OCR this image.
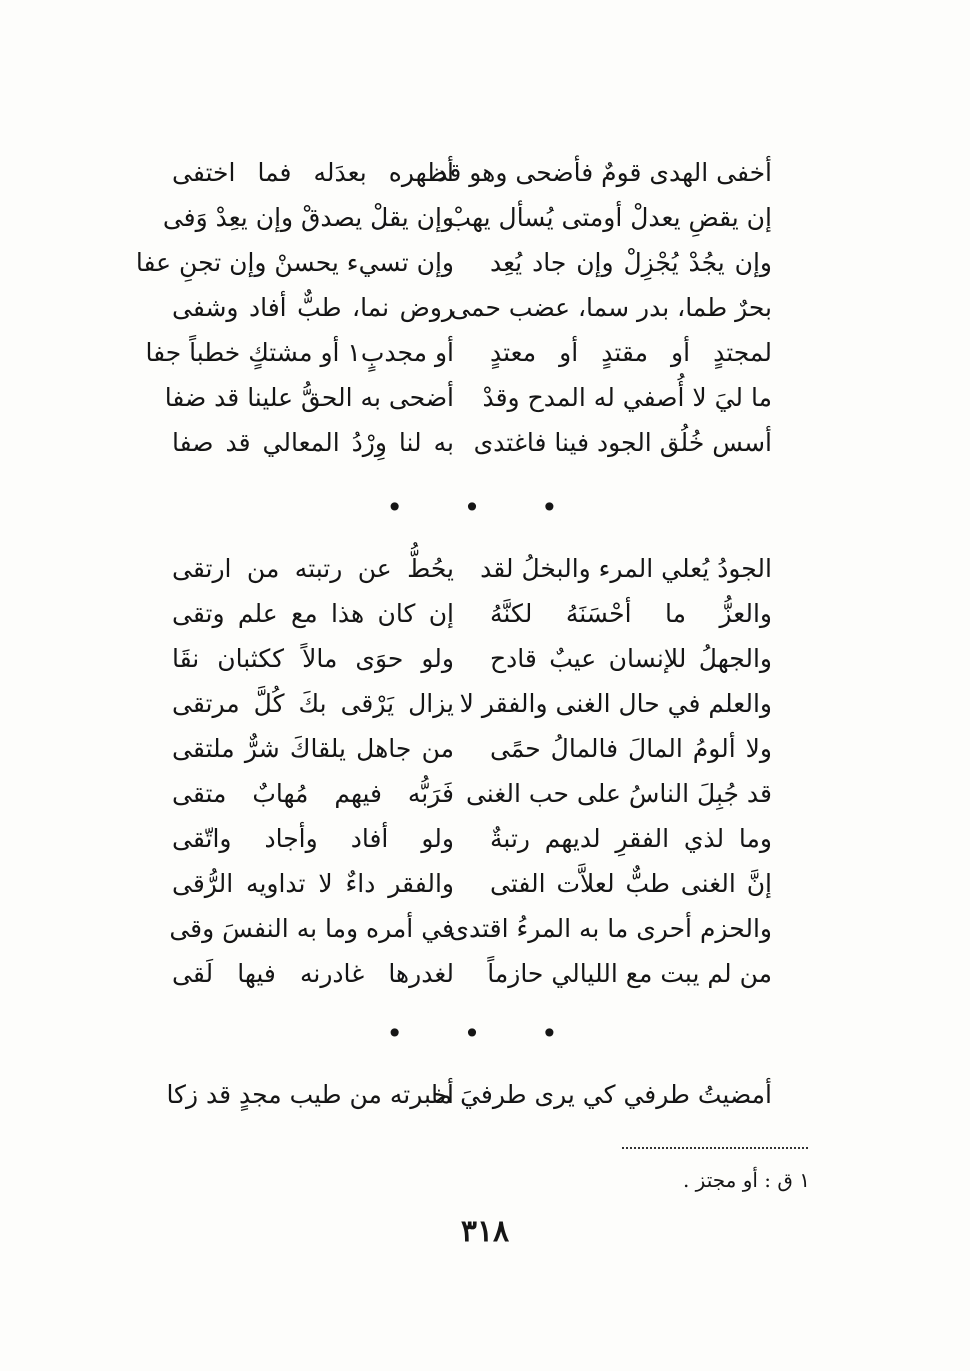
أخفى الهدى قومٌ فأضحى وهو قد
أظهره بعدَله فما اختفى
إن يقضِ يعدلْ أومتى يُسأل يهبْ
وإن يقلْ يصدقْ وإن يعِدْ وَفى
وإن يجُدْ يُجْزِلْ وإن جاد يُعِد
وإن تسيء يحسنْ وإن تجنِ عفا
بحرٌ طما، بدر سما، عضب حمى
روض نما، طبٌّ أفاد وشفى
لمجتدٍ أو مقتدٍ أو معتدٍ
أو مجدبٍ١ أو مشتكٍ خطباً جفا
ما ليَ لا أُصفي له المدح وقدْ
أضحى به الحقُّ علينا قد ضفا
أسس خُلُق الجود فينا فاغتدى
به لنا وِرْدُ المعالي قد صفا
• • •
الجودُ يُعلي المرء والبخلُ لقد
يحُطُّ عن رتبته من ارتقى
والعزُّ ما أحْسَنَهُ لكنَّهُ
إن كان هذا مع علم وتقى
والجهلُ للإنسان عيبٌ قادح
ولو حوَى مالاً ككثبان نقَا
والعلم في حال الغنى والفقر لا
يزال يَرْقى بكَ كُلَّ مرتقى
ولا ألومُ المالَ فالمالُ حمًى
من جاهل يلقاكَ شرٌّ ملتقى
قد جُبِلَ الناسُ على حب الغنى
فَرَبُّه فيهم مُهابٌ متقى
وما لذي الفقرِ لديهم رتبةٌ
ولو أفاد وأجاد واتّقى
إنَّ الغنى طبٌّ لعلاَّت الفتى
والفقر داءٌ لا تداويه الرُّقى
والحزم أحرى ما به المرءُ اقتدى
في أمره وما به النفسَ وقى
من لم يبت مع الليالي حازماً
لغدرها غادرنه فيها لَقى
• • •
أمضيتُ طرفي كي يرى طرفيَ ما
أخبرته من طيب مجدٍ قد زكا
١ ق : أو مجتز .
٣١٨
